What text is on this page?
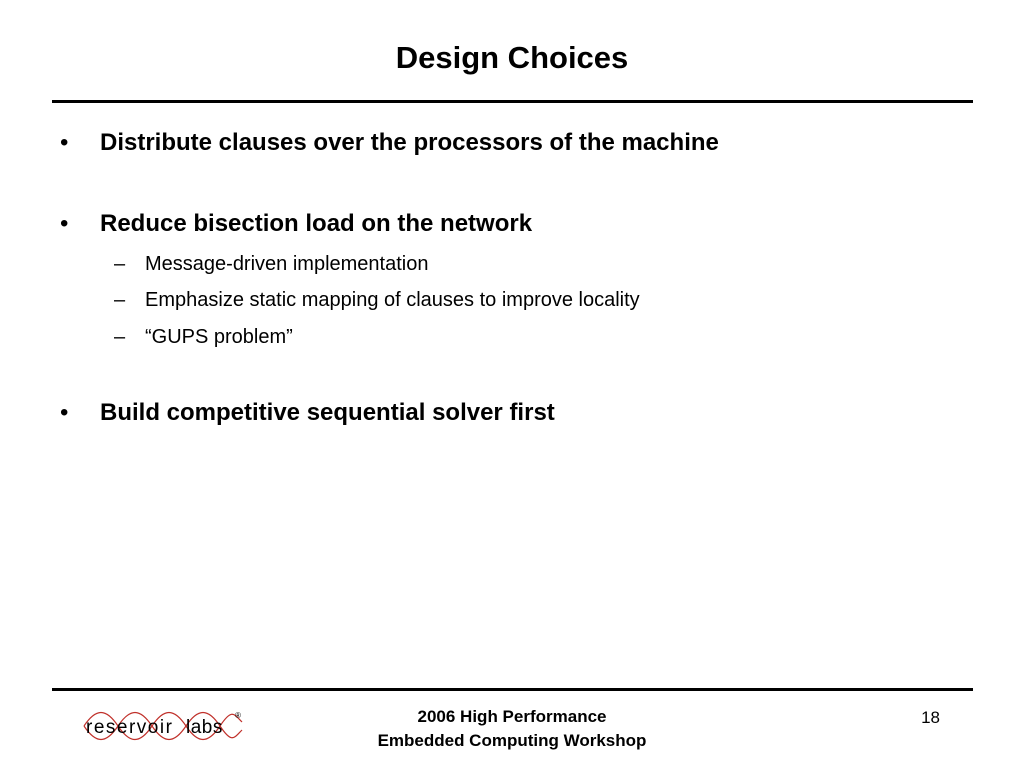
Design Choices
•	Distribute clauses over the processors of the machine
•	Reduce bisection load on the network
– Message-driven implementation
– Emphasize static mapping of clauses to improve locality
– “GUPS problem”
•	Build competitive sequential solver first
reservoir labs
®	2006 High Performance
Embedded Computing Workshop
18
